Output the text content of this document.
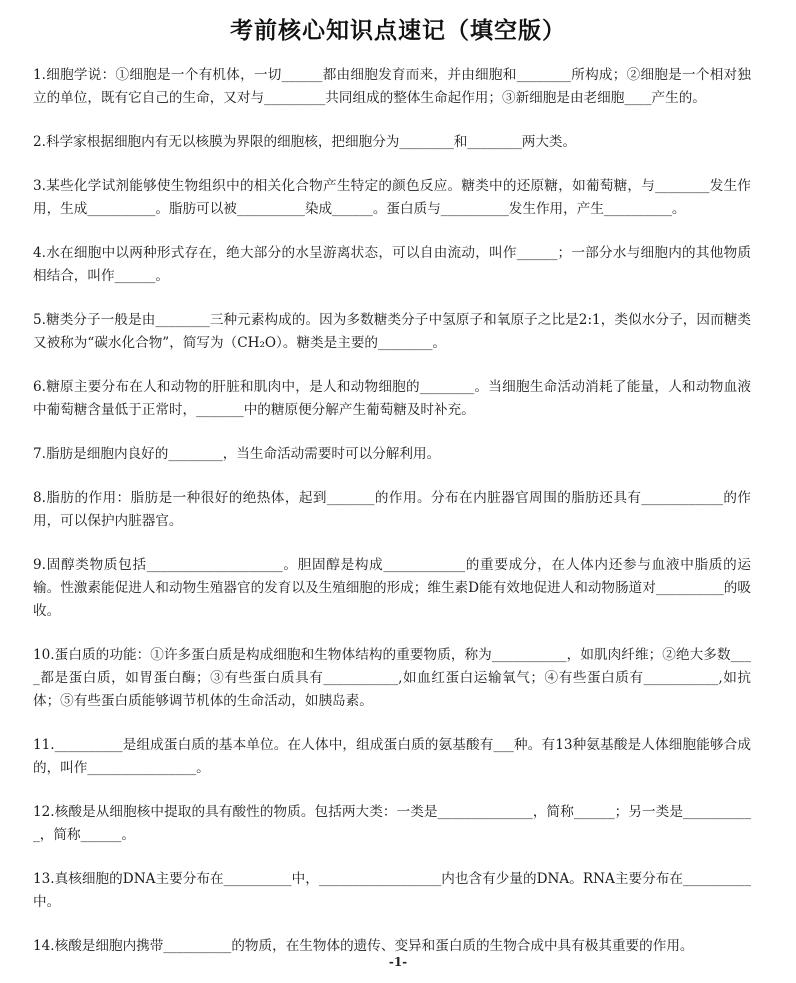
考前核心知识点速记（填空版）

1.细胞学说：①细胞是一个有机体，一切______都由细胞发育而来，并由细胞和________所构成；②细胞是一个相对独立的单位，既有它自己的生命，又对与_________共同组成的整体生命起作用；③新细胞是由老细胞____产生的。

2.科学家根据细胞内有无以核膜为界限的细胞核，把细胞分为________和________两大类。

3.某些化学试剂能够使生物组织中的相关化合物产生特定的颜色反应。糖类中的还原糖，如葡萄糖，与________发生作用，生成__________。脂肪可以被__________染成______。蛋白质与__________发生作用，产生__________。

4.水在细胞中以两种形式存在，绝大部分的水呈游离状态，可以自由流动，叫作______；一部分水与细胞内的其他物质相结合，叫作______。

5.糖类分子一般是由________三种元素构成的。因为多数糖类分子中氢原子和氧原子之比是2:1，类似水分子，因而糖类又被称为“碳水化合物”，简写为（CH₂O）。糖类是主要的________。

6.糖原主要分布在人和动物的肝脏和肌肉中，是人和动物细胞的________。当细胞生命活动消耗了能量，人和动物血液中葡萄糖含量低于正常时，_______中的糖原便分解产生葡萄糖及时补充。

7.脂肪是细胞内良好的________，当生命活动需要时可以分解利用。

8.脂肪的作用：脂肪是一种很好的绝热体，起到_______的作用。分布在内脏器官周围的脂肪还具有____________的作用，可以保护内脏器官。

9.固醇类物质包括____________________。胆固醇是构成____________的重要成分，在人体内还参与血液中脂质的运输。性激素能促进人和动物生殖器官的发育以及生殖细胞的形成；维生素D能有效地促进人和动物肠道对__________的吸收。

10.蛋白质的功能：①许多蛋白质是构成细胞和生物体结构的重要物质，称为___________，如肌肉纤维；②绝大多数____都是蛋白质，如胃蛋白酶；③有些蛋白质具有___________,如血红蛋白运输氧气；④有些蛋白质有___________,如抗体；⑤有些蛋白质能够调节机体的生命活动，如胰岛素。

11.__________是组成蛋白质的基本单位。在人体中，组成蛋白质的氨基酸有___种。有13种氨基酸是人体细胞能够合成的，叫作________________。

12.核酸是从细胞核中提取的具有酸性的物质。包括两大类：一类是______________，简称______；另一类是___________，简称______。

13.真核细胞的DNA主要分布在__________中，__________________内也含有少量的DNA。RNA主要分布在__________中。

14.核酸是细胞内携带__________的物质，在生物体的遗传、变异和蛋白质的生物合成中具有极其重要的作用。

-1-
